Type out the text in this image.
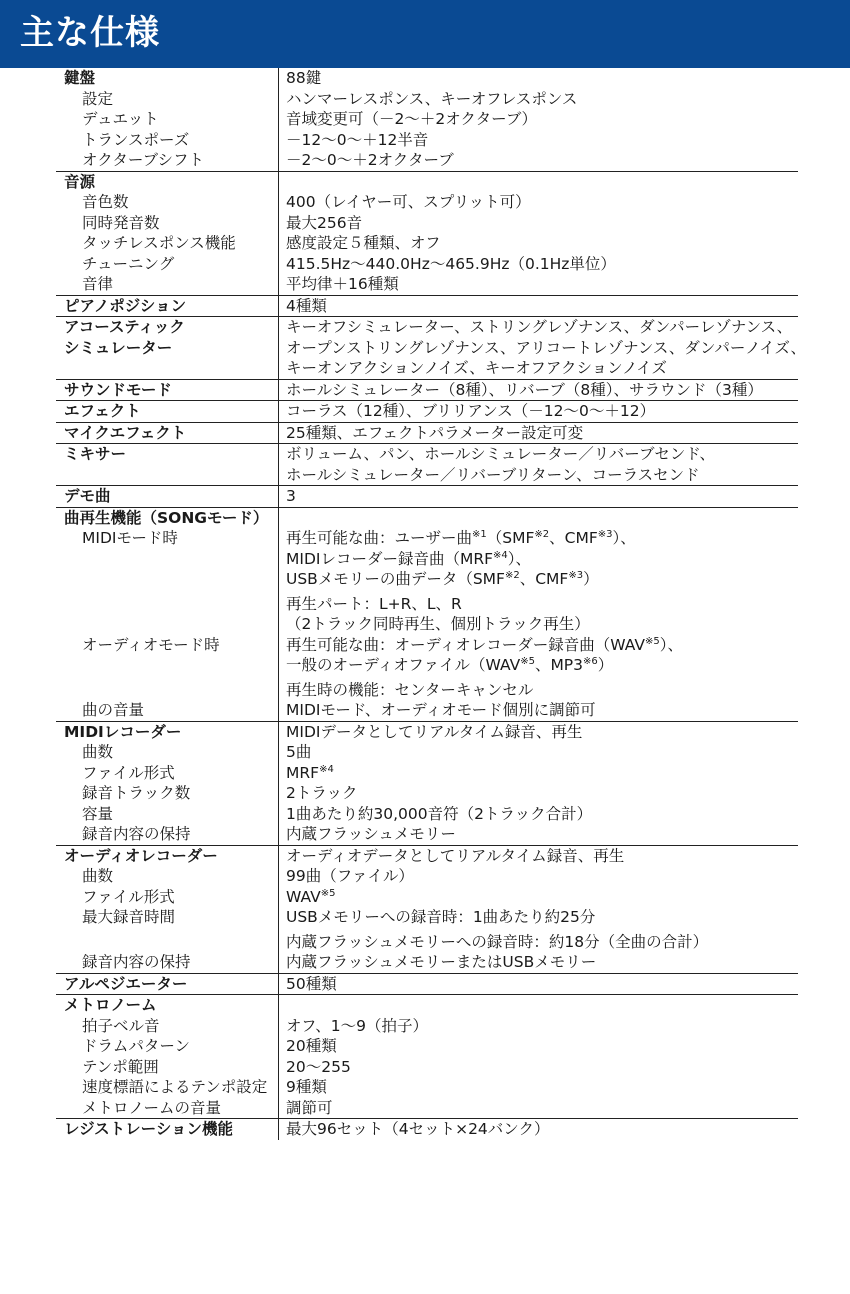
主な仕様
鍵盤	88鍵
設定	ハンマーレスポンス、キーオフレスポンス
デュエット	音域変更可（－2～＋2オクターブ）
トランスポーズ	－12～0～＋12半音
オクターブシフト	－2～0～＋2オクターブ
音源
音色数	400（レイヤー可、スプリット可）
同時発音数	最大256音
タッチレスポンス機能	感度設定５種類、オフ
チューニング	415.5Hz～440.0Hz～465.9Hz（0.1Hz単位）
音律	平均律＋16種類
ピアノポジション	4種類
アコースティック	キーオフシミュレーター、ストリングレゾナンス、ダンパーレゾナンス、
シミュレーター	オープンストリングレゾナンス、アリコートレゾナンス、ダンパーノイズ、
キーオンアクションノイズ、キーオフアクションノイズ
サウンドモード	ホールシミュレーター（8種）、リバーブ（8種）、サラウンド（3種）
エフェクト	コーラス（12種）、ブリリアンス（－12～0～＋12）
マイクエフェクト	25種類、エフェクトパラメーター設定可変
ミキサー	ボリューム、パン、ホールシミュレーター／リバーブセンド、
ホールシミュレーター／リバーブリターン、コーラスセンド
デモ曲	3
曲再生機能（SONGモード）
MIDIモード時	再生可能な曲：ユーザー曲$^{※1}$（SMF$^{※2}$、CMF$^{※3}$）、
MIDIレコーダー録音曲（MRF$^{※4}$）、
USBメモリーの曲データ（SMF$^{※2}$、CMF$^{※3}$）
再生パート：L+R、L、R
（2トラック同時再生、個別トラック再生）
オーディオモード時	再生可能な曲：オーディオレコーダー録音曲（WAV$^{※5}$）、
一般のオーディオファイル（WAV$^{※5}$、MP3$^{※6}$）
再生時の機能：センターキャンセル
曲の音量	MIDIモード、オーディオモード個別に調節可
MIDIレコーダー	MIDIデータとしてリアルタイム録音、再生
曲数	5曲
ファイル形式	MRF$^{※4}$
録音トラック数	2トラック
容量	1曲あたり約30,000音符（2トラック合計）
録音内容の保持	内蔵フラッシュメモリー
オーディオレコーダー	オーディオデータとしてリアルタイム録音、再生
曲数	99曲（ファイル）
ファイル形式	WAV$^{※5}$
最大録音時間	USBメモリーへの録音時：1曲あたり約25分
内蔵フラッシュメモリーへの録音時：約18分（全曲の合計）
録音内容の保持	内蔵フラッシュメモリーまたはUSBメモリー
アルペジエーター	50種類
メトロノーム
拍子ベル音	オフ、1～9（拍子）
ドラムパターン	20種類
テンポ範囲	20～255
速度標語によるテンポ設定	9種類
メトロノームの音量	調節可
レジストレーション機能	最大96セット（4セット×24バンク）
